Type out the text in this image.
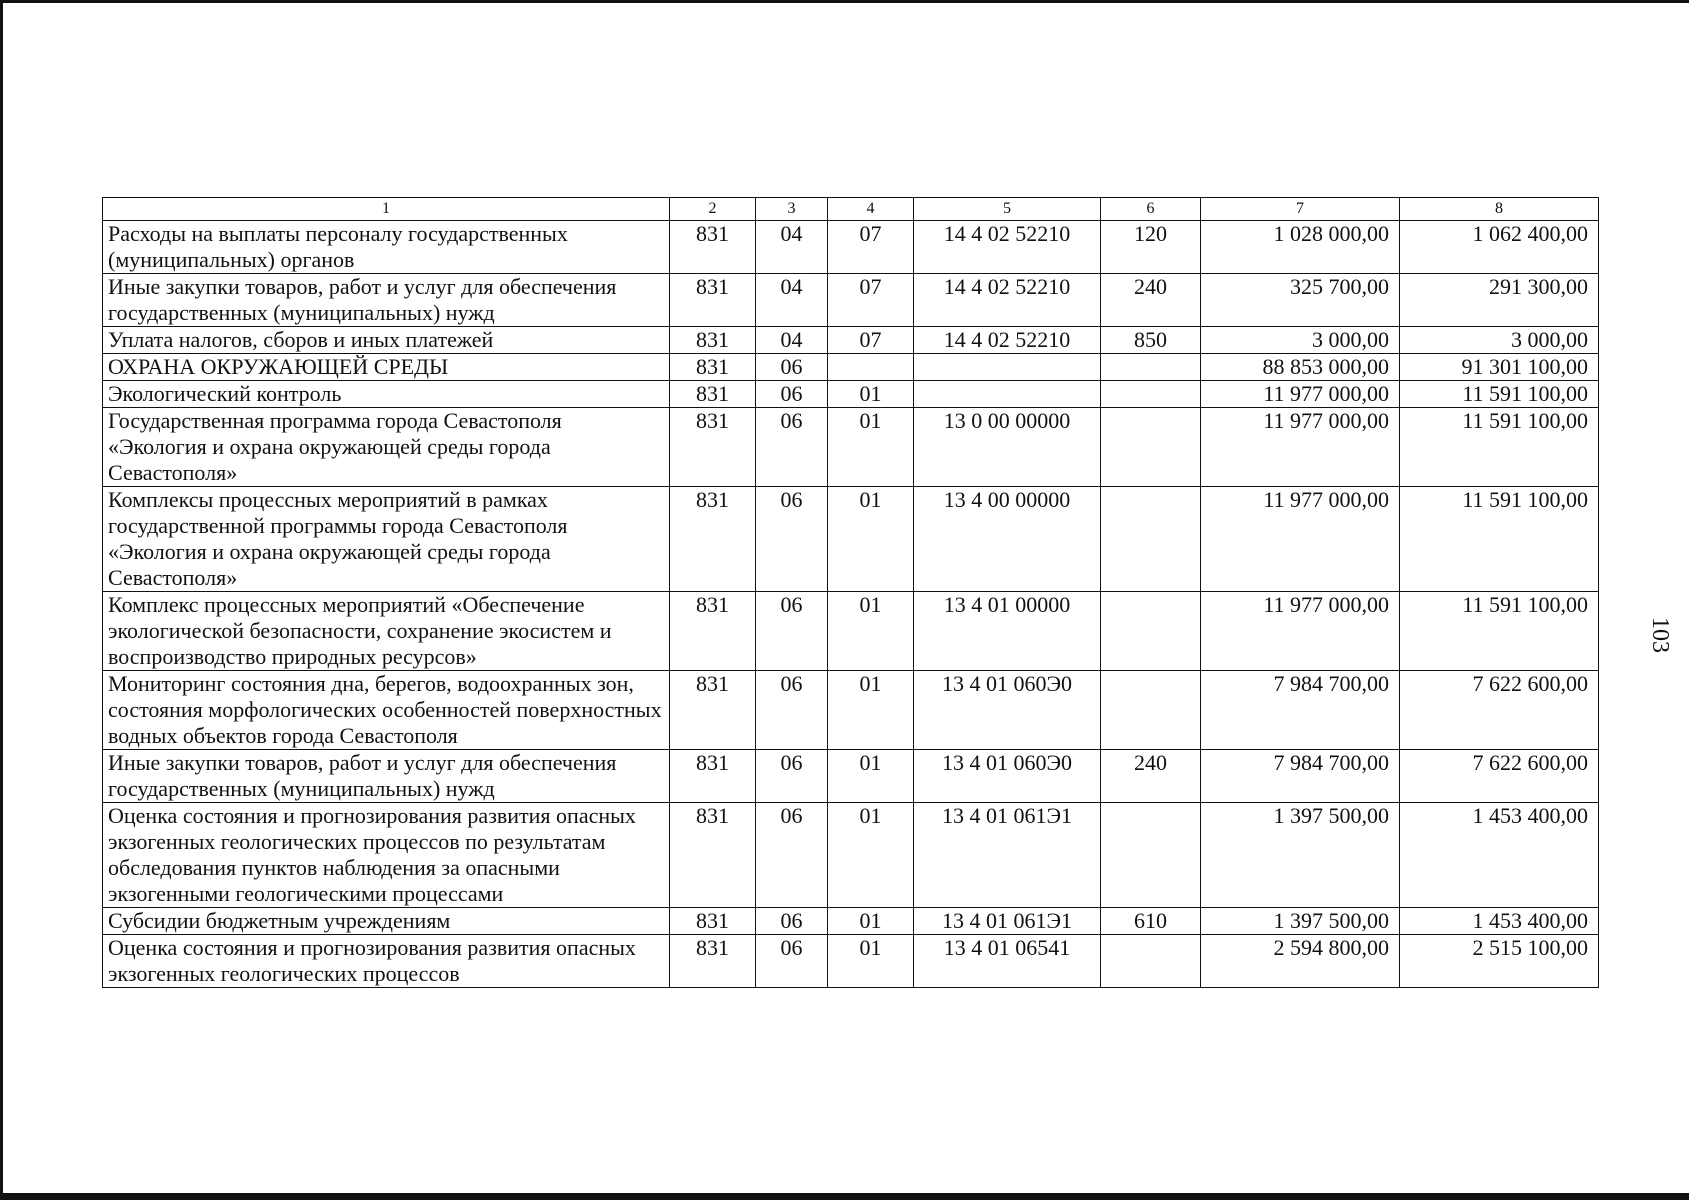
103
1	2	3	4	5	6	7	8
Расходы на выплаты персоналу государственных (муниципальных) органов	831	04	07	14 4 02 52210	120	1 028 000,00	1 062 400,00
Иные закупки товаров, работ и услуг для обеспечения государственных (муниципальных) нужд	831	04	07	14 4 02 52210	240	325 700,00	291 300,00
Уплата налогов, сборов и иных платежей	831	04	07	14 4 02 52210	850	3 000,00	3 000,00
ОХРАНА ОКРУЖАЮЩЕЙ СРЕДЫ	831	06				88 853 000,00	91 301 100,00
Экологический контроль	831	06	01			11 977 000,00	11 591 100,00
Государственная программа города Севастополя «Экология и охрана окружающей среды города Севастополя»	831	06	01	13 0 00 00000		11 977 000,00	11 591 100,00
Комплексы процессных мероприятий в рамках государственной программы города Севастополя «Экология и охрана окружающей среды города Севастополя»	831	06	01	13 4 00 00000		11 977 000,00	11 591 100,00
Комплекс процессных мероприятий «Обеспечение экологической безопасности, сохранение экосистем и воспроизводство природных ресурсов»	831	06	01	13 4 01 00000		11 977 000,00	11 591 100,00
Мониторинг состояния дна, берегов, водоохранных зон, состояния морфологических особенностей поверхностных водных объектов города Севастополя	831	06	01	13 4 01 060Э0		7 984 700,00	7 622 600,00
Иные закупки товаров, работ и услуг для обеспечения государственных (муниципальных) нужд	831	06	01	13 4 01 060Э0	240	7 984 700,00	7 622 600,00
Оценка состояния и прогнозирования развития опасных экзогенных геологических процессов по результатам обследования пунктов наблюдения за опасными экзогенными геологическими процессами	831	06	01	13 4 01 061Э1		1 397 500,00	1 453 400,00
Субсидии бюджетным учреждениям	831	06	01	13 4 01 061Э1	610	1 397 500,00	1 453 400,00
Оценка состояния и прогнозирования развития опасных экзогенных геологических процессов	831	06	01	13 4 01 06541		2 594 800,00	2 515 100,00
